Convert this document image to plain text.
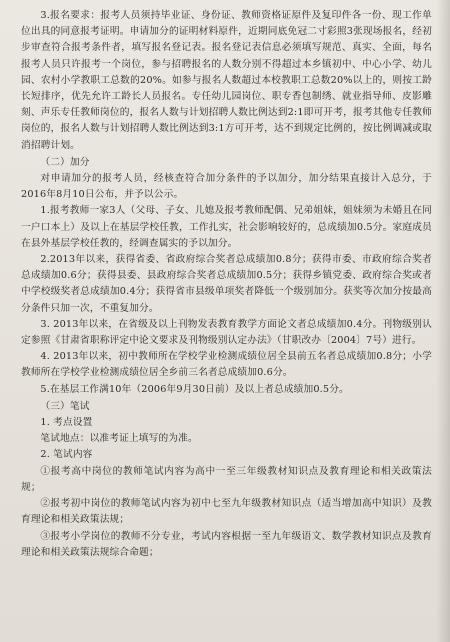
3.报名要求：报考人员须持毕业证、身份证、教师资格证原件及复印件各一份、现工作单位出具的同意报考证明。申请加分的证明材料原件，近期同底免冠二寸彩照3张现场报名，经初步审查符合报考条件者，填写报名登记表。报名登记表信息必须填写规范、真实、全面，每名报考人员只许报考一个岗位，参与招聘报名的人数分别不得超过本乡镇初中、中心小学、幼儿园、农村小学教职工总数的20%。如参与报名人数超过本校教职工总数20%以上的，则按工龄长短排序，优先允许工龄长人员报名。专任幼儿园岗位、职专香包制绣、就业指导师、皮影雕刻、声乐专任教师岗位的，报名人数与计划招聘人数比例达到2:1即可开考，报考其他专任教师岗位的，报名人数与计划招聘人数比例达到3:1方可开考，达不到规定比例的，按比例调减或取消招聘计划。

（二）加分

对申请加分的报考人员，经核查符合加分条件的予以加分，加分结果直接计入总分，于2016年8月10日公布，并予以公示。

1.报考教师一家3人（父母、子女、儿媳及报考教师配偶、兄弟姐妹，姐妹须为未婚且在同一户口本上）及以上在基层学校任教，工作扎实，社会影响较好的，总成绩加0.5分。家庭成员在县外基层学校任教的，经调查属实的予以加分。

2.2013年以来，获得省委、省政府综合奖者总成绩加0.8分；获得市委、市政府综合奖者总成绩加0.6分；获得县委、县政府综合奖者总成绩加0.5分；获得乡镇党委、政府综合奖或者中学校级奖者总成绩加0.4分；获得省市县级单项奖者降低一个级别加分。获奖等次加分按最高分条件只加一次，不重复加分。

3. 2013年以来，在省级及以上刊物发表教育教学方面论文者总成绩加0.4分。刊物级别认定参照《甘肃省职称评定中论文要求及刊物级别认定办法》（甘职改办〔2004〕7号）进行。

4. 2013年以来，初中教师所在学校学业检测成绩位居全县前五名者总成绩加0.8分；小学教师所在学校学业检测成绩位居全乡前三名者总成绩加0.6分。

5.在基层工作满10年（2006年9月30日前）及以上者总成绩加0.5分。

（三）笔试

1. 考点设置

笔试地点：以准考证上填写的为准。

2. 笔试内容

①报考高中岗位的教师笔试内容为高中一至三年级教材知识点及教育理论和相关政策法规；

②报考初中岗位的教师笔试内容为初中七至九年级教材知识点（适当增加高中知识）及教育理论和相关政策法规；

③报考小学岗位的教师不分专业，考试内容根据一至九年级语文、数学教材知识点及教育理论和相关政策法规综合命题；
